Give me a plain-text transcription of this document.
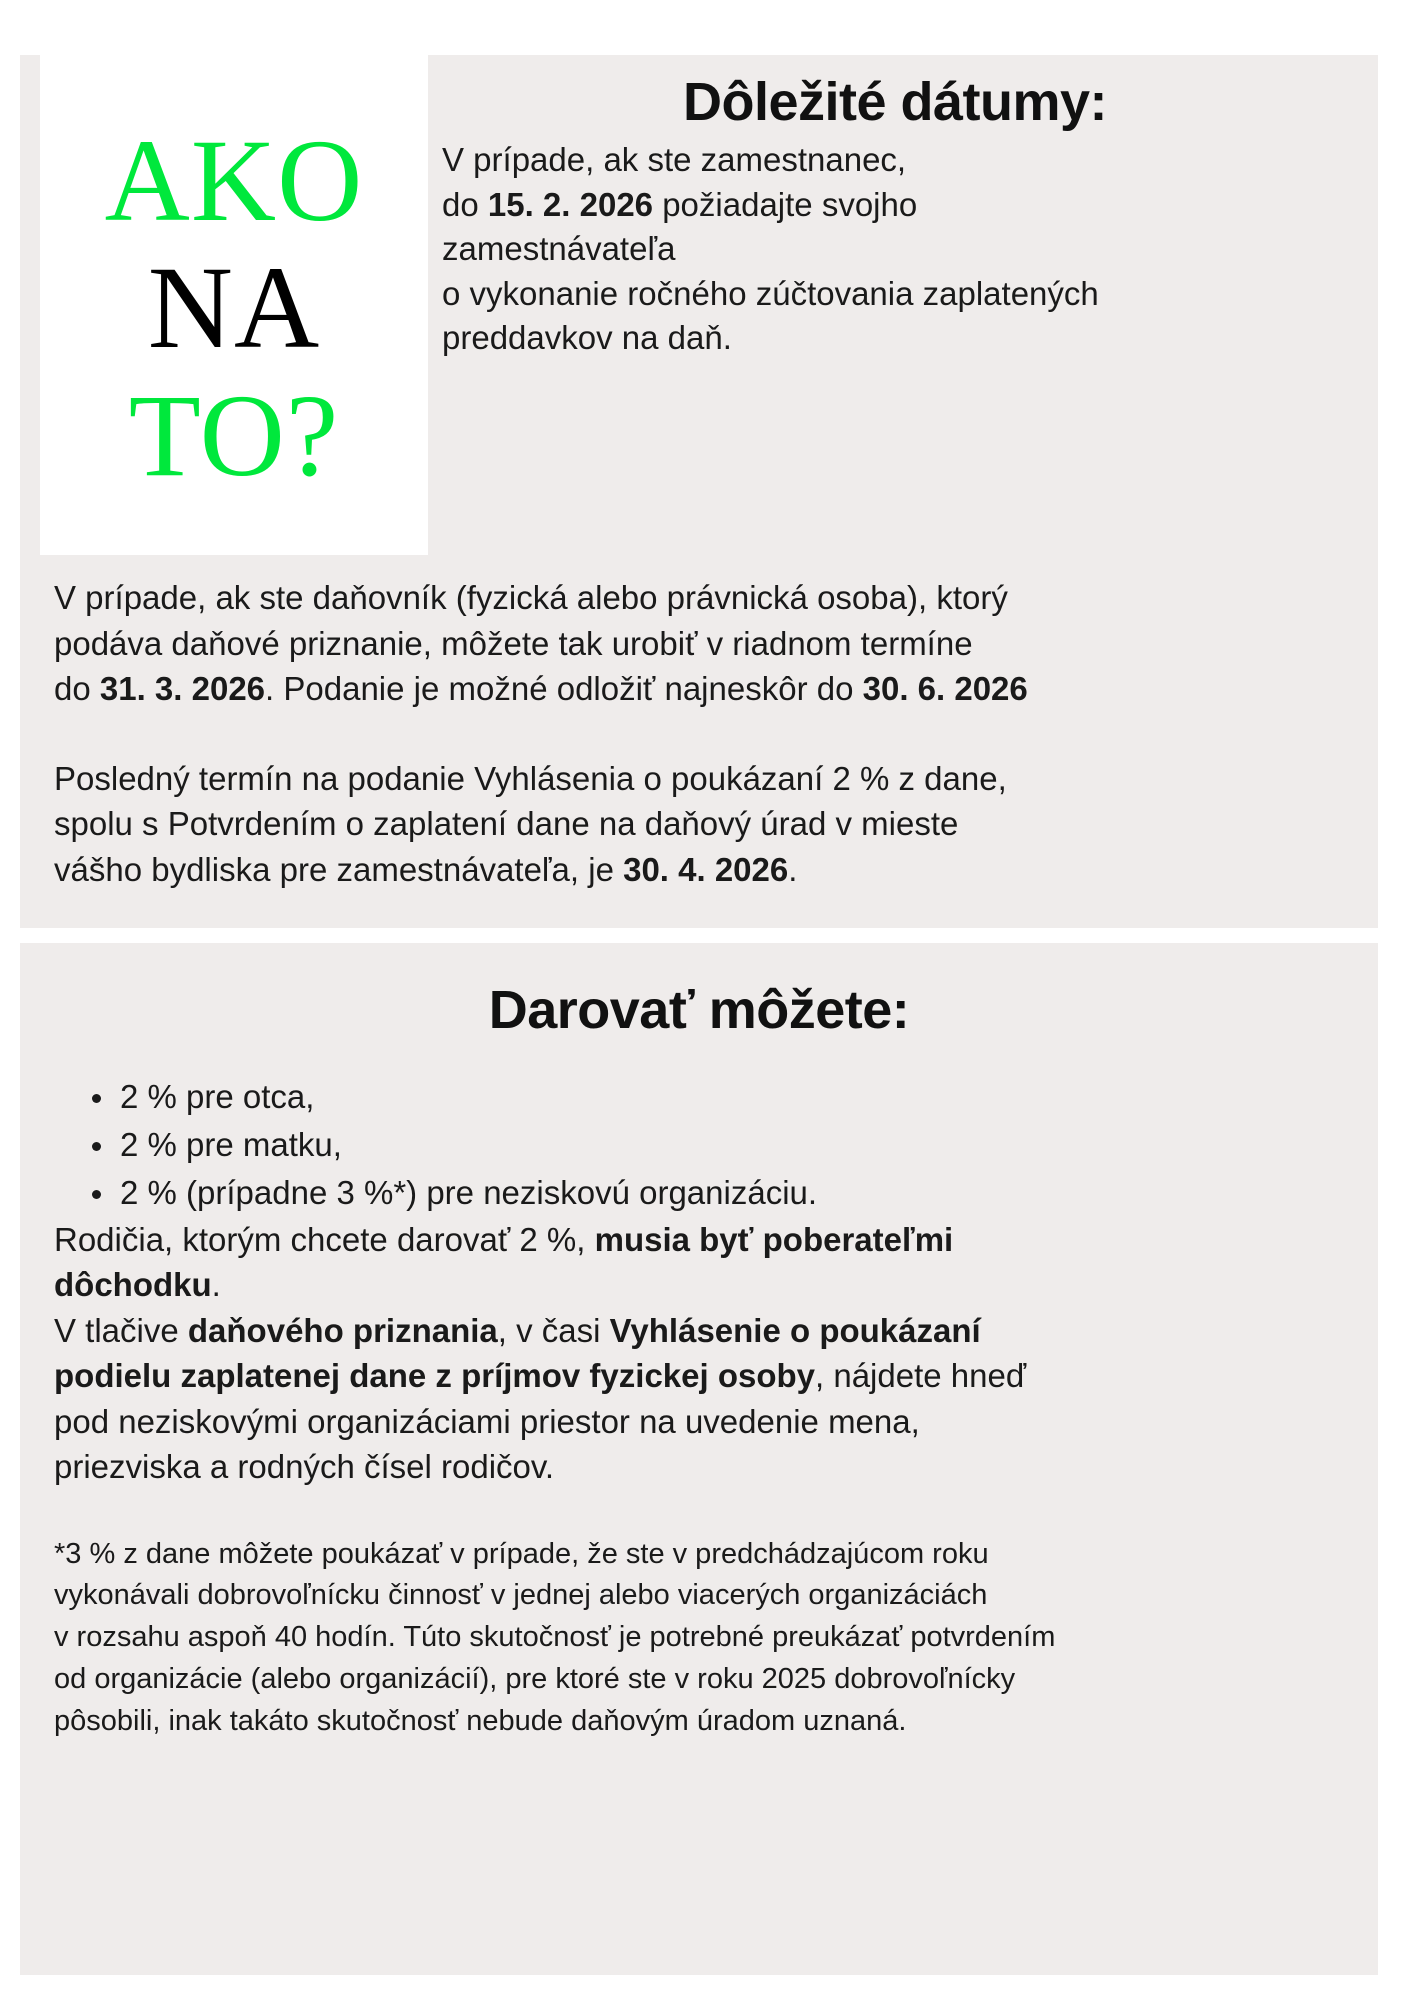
AKO
NA
TO?
Dôležité dátumy:
V prípade, ak ste zamestnanec,
do 15. 2. 2026 požiadajte svojho
zamestnávateľa
o vykonanie ročného zúčtovania zaplatených
preddavkov na daň.

V prípade, ak ste daňovník (fyzická alebo právnická osoba), ktorý
podáva daňové priznanie, môžete tak urobiť v riadnom termíne
do 31. 3. 2026. Podanie je možné odložiť najneskôr do 30. 6. 2026

Posledný termín na podanie Vyhlásenia o poukázaní 2 % z dane,
spolu s Potvrdením o zaplatení dane na daňový úrad v mieste
vášho bydliska pre zamestnávateľa, je 30. 4. 2026.

Darovať môžete:
2 % pre otca,
2 % pre matku,
2 % (prípadne 3 %*) pre neziskovú organizáciu.

Rodičia, ktorým chcete darovať 2 %, musia byť poberateľmi
dôchodku.

V tlačive daňového priznania, v časi Vyhlásenie o poukázaní
podielu zaplatenej dane z príjmov fyzickej osoby, nájdete hneď
pod neziskovými organizáciami priestor na uvedenie mena,
priezviska a rodných čísel rodičov.

*3 % z dane môžete poukázať v prípade, že ste v predchádzajúcom roku
vykonávali dobrovoľnícku činnosť v jednej alebo viacerých organizáciách
v rozsahu aspoň 40 hodín. Túto skutočnosť je potrebné preukázať potvrdením
od organizácie (alebo organizácií), pre ktoré ste v roku 2025 dobrovoľnícky
pôsobili, inak takáto skutočnosť nebude daňovým úradom uznaná.
